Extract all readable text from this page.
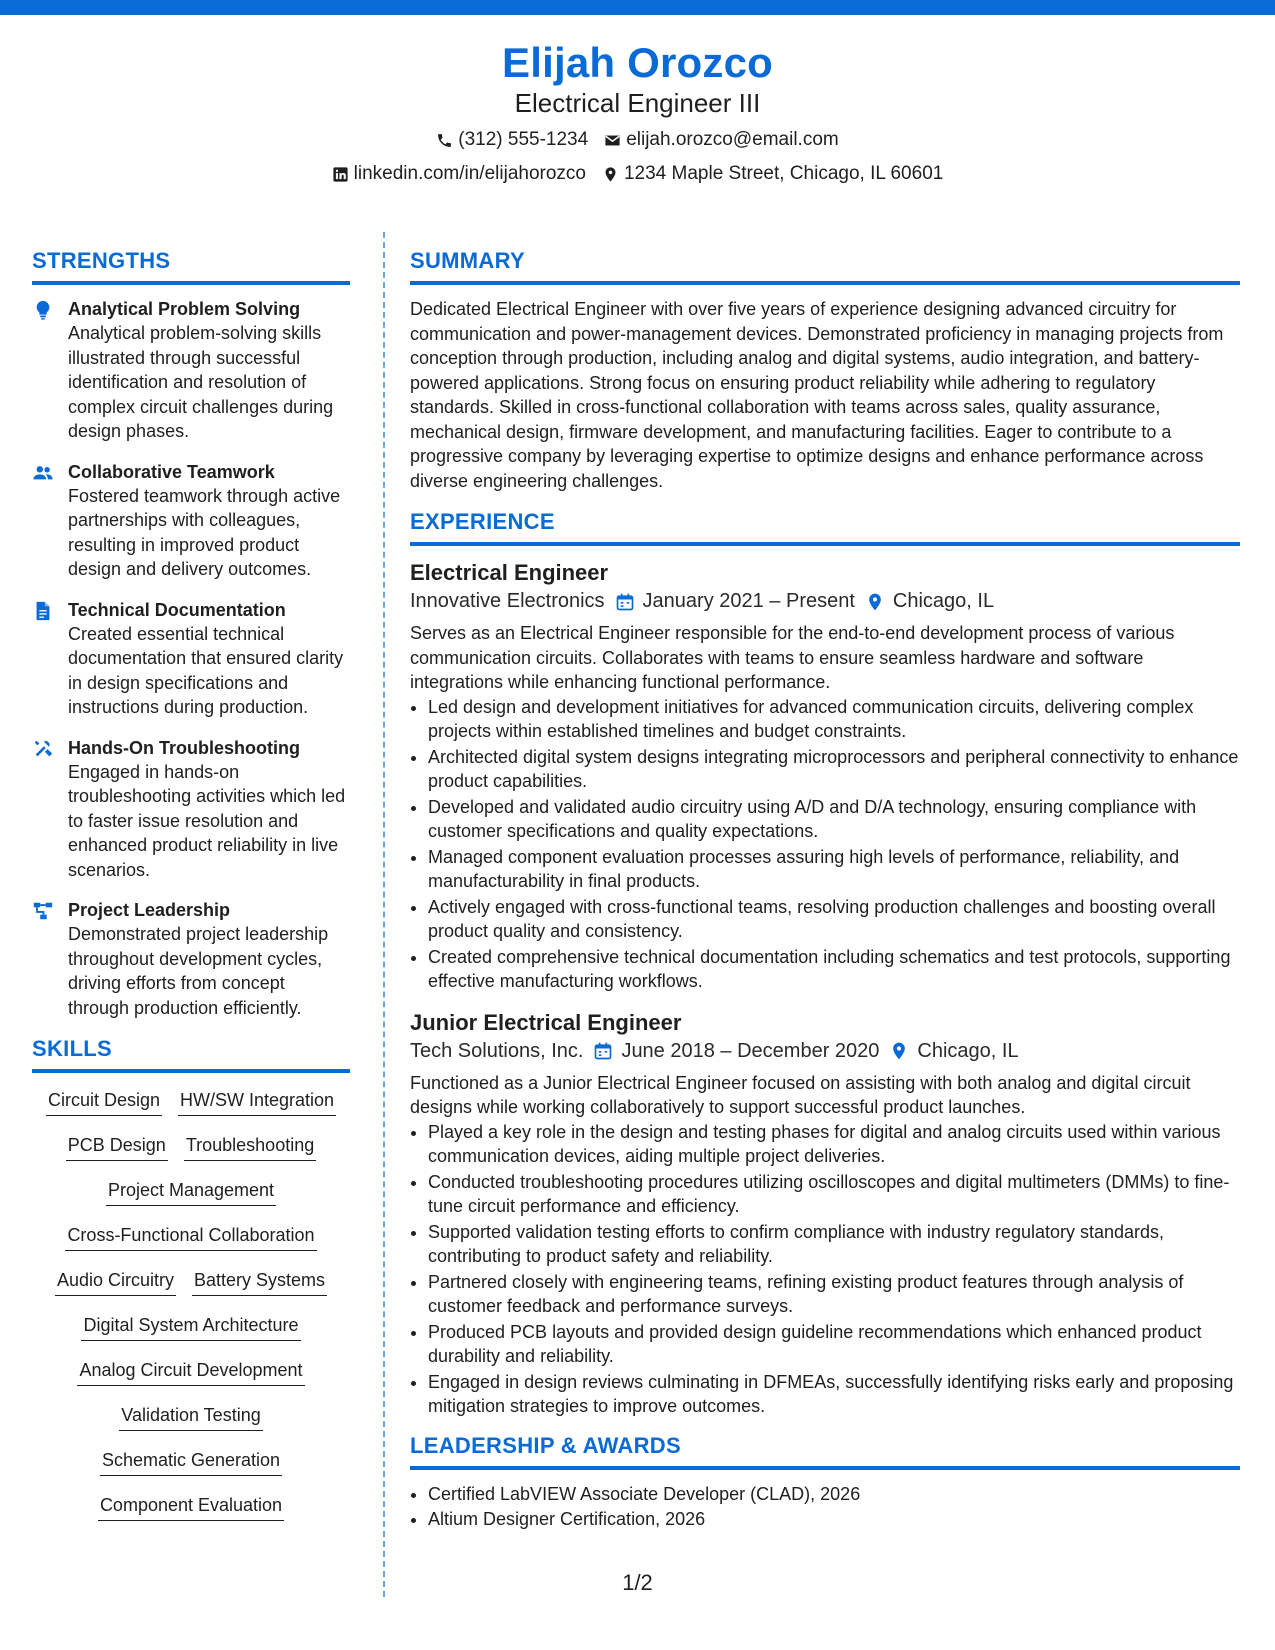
Elijah Orozco
Electrical Engineer III
(312) 555-1234 elijah.orozco@email.com
linkedin.com/in/elijahorozco 1234 Maple Street, Chicago, IL 60601
STRENGTHS
Analytical Problem Solving
Analytical problem-solving skills illustrated through successful identification and resolution of complex circuit challenges during design phases.
Collaborative Teamwork
Fostered teamwork through active partnerships with colleagues, resulting in improved product design and delivery outcomes.
Technical Documentation
Created essential technical documentation that ensured clarity in design specifications and instructions during production.
Hands-On Troubleshooting
Engaged in hands-on troubleshooting activities which led to faster issue resolution and enhanced product reliability in live scenarios.
Project Leadership
Demonstrated project leadership throughout development cycles, driving efforts from concept through production efficiently.
SKILLS
Circuit Design HW/SW Integration
PCB Design Troubleshooting
Project Management
Cross-Functional Collaboration
Audio Circuitry Battery Systems
Digital System Architecture
Analog Circuit Development
Validation Testing
Schematic Generation
Component Evaluation
SUMMARY
Dedicated Electrical Engineer with over five years of experience designing advanced circuitry for communication and power-management devices. Demonstrated proficiency in managing projects from conception through production, including analog and digital systems, audio integration, and battery-powered applications. Strong focus on ensuring product reliability while adhering to regulatory standards. Skilled in cross-functional collaboration with teams across sales, quality assurance, mechanical design, firmware development, and manufacturing facilities. Eager to contribute to a progressive company by leveraging expertise to optimize designs and enhance performance across diverse engineering challenges.
EXPERIENCE
Electrical Engineer
Innovative Electronics January 2021 – Present Chicago, IL
Serves as an Electrical Engineer responsible for the end-to-end development process of various communication circuits. Collaborates with teams to ensure seamless hardware and software integrations while enhancing functional performance.
• Led design and development initiatives for advanced communication circuits, delivering complex projects within established timelines and budget constraints.
• Architected digital system designs integrating microprocessors and peripheral connectivity to enhance product capabilities.
• Developed and validated audio circuitry using A/D and D/A technology, ensuring compliance with customer specifications and quality expectations.
• Managed component evaluation processes assuring high levels of performance, reliability, and manufacturability in final products.
• Actively engaged with cross-functional teams, resolving production challenges and boosting overall product quality and consistency.
• Created comprehensive technical documentation including schematics and test protocols, supporting effective manufacturing workflows.
Junior Electrical Engineer
Tech Solutions, Inc. June 2018 – December 2020 Chicago, IL
Functioned as a Junior Electrical Engineer focused on assisting with both analog and digital circuit designs while working collaboratively to support successful product launches.
• Played a key role in the design and testing phases for digital and analog circuits used within various communication devices, aiding multiple project deliveries.
• Conducted troubleshooting procedures utilizing oscilloscopes and digital multimeters (DMMs) to fine-tune circuit performance and efficiency.
• Supported validation testing efforts to confirm compliance with industry regulatory standards, contributing to product safety and reliability.
• Partnered closely with engineering teams, refining existing product features through analysis of customer feedback and performance surveys.
• Produced PCB layouts and provided design guideline recommendations which enhanced product durability and reliability.
• Engaged in design reviews culminating in DFMEAs, successfully identifying risks early and proposing mitigation strategies to improve outcomes.
LEADERSHIP & AWARDS
• Certified LabVIEW Associate Developer (CLAD), 2026
• Altium Designer Certification, 2026
1/2
